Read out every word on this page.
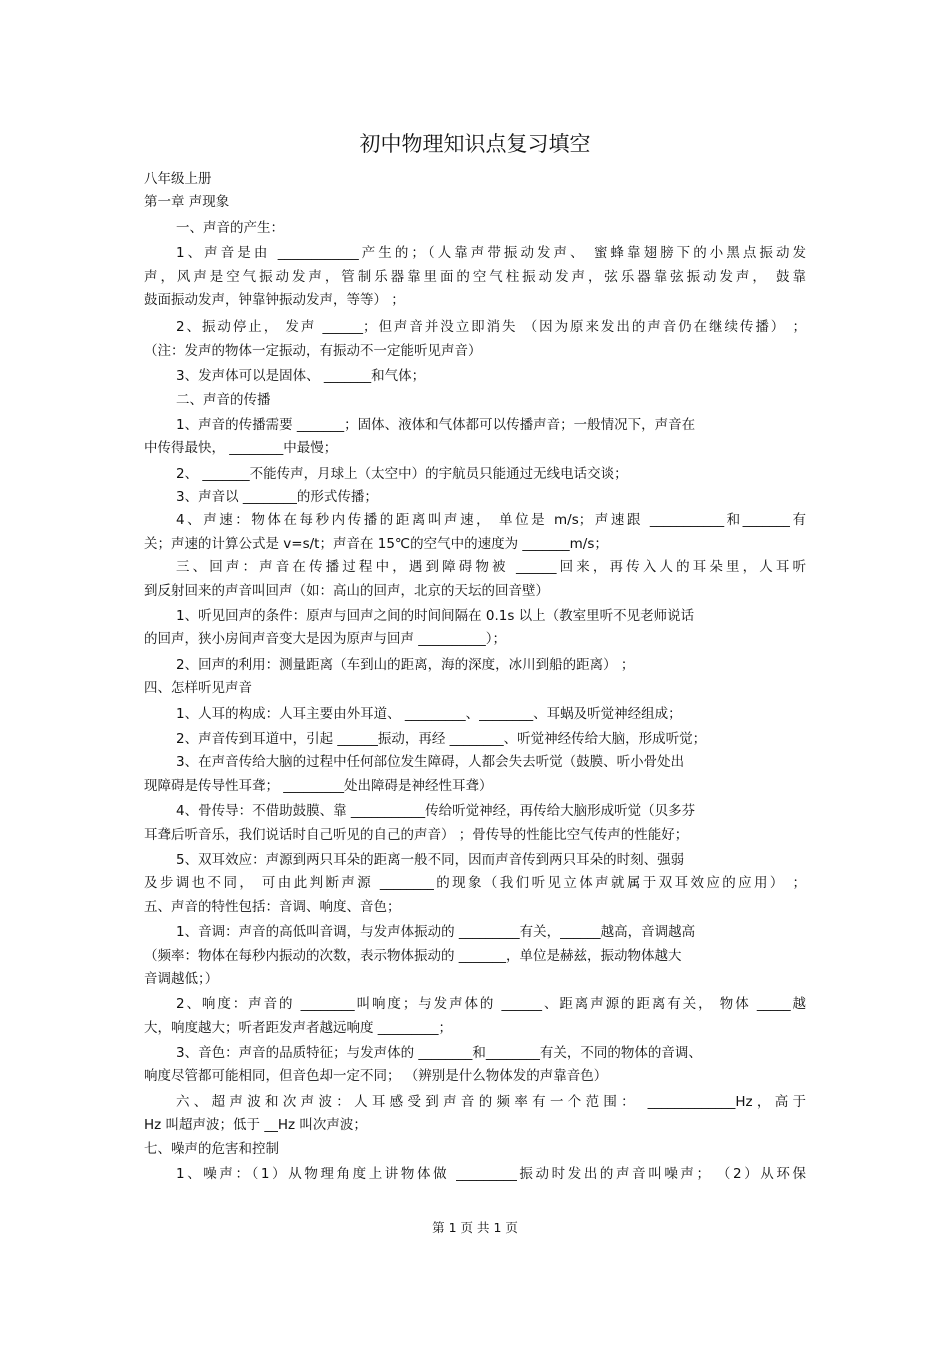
初中物理知识点复习填空
八年级上册
第一章 声现象
一、声音的产生：
1、声音是由 ____________产生的；（人靠声带振动发声、 蜜蜂靠翅膀下的小黑点振动发
声，风声是空气振动发声，管制乐器靠里面的空气柱振动发声，弦乐器靠弦振动发声， 鼓靠
鼓面振动发声，钟靠钟振动发声，等等） ；
2、振动停止， 发声 ______；但声音并没立即消失 （因为原来发出的声音仍在继续传播） ；
（注：发声的物体一定振动，有振动不一定能听见声音）
3、发声体可以是固体、 _______和气体；
二、声音的传播
1、声音的传播需要 _______；固体、液体和气体都可以传播声音；一般情况下，声音在
中传得最快， ________中最慢；
2、 _______不能传声，月球上（太空中）的宇航员只能通过无线电话交谈；
3、声音以 ________的形式传播；
4、声速：物体在每秒内传播的距离叫声速， 单位是 m/s；声速跟 ___________和_______有
关；声速的计算公式是 v=s/t；声音在 15℃的空气中的速度为 _______m/s；
三、回声：声音在传播过程中，遇到障碍物被 ______回来，再传入人的耳朵里，人耳听
到反射回来的声音叫回声（如：高山的回声，北京的天坛的回音壁）
1、听见回声的条件：原声与回声之间的时间间隔在 0.1s 以上（教室里听不见老师说话
的回声，狭小房间声音变大是因为原声与回声 __________）；
2、回声的利用：测量距离（车到山的距离，海的深度，冰川到船的距离） ；
四、怎样听见声音
1、人耳的构成：人耳主要由外耳道、 _________、________、耳蜗及听觉神经组成；
2、声音传到耳道中，引起 ______振动，再经 ________、听觉神经传给大脑，形成听觉；
3、在声音传给大脑的过程中任何部位发生障碍，人都会失去听觉（鼓膜、听小骨处出
现障碍是传导性耳聋； _________处出障碍是神经性耳聋）
4、骨传导：不借助鼓膜、靠 ___________传给听觉神经，再传给大脑形成听觉（贝多芬
耳聋后听音乐，我们说话时自己听见的自己的声音） ；骨传导的性能比空气传声的性能好；
5、双耳效应：声源到两只耳朵的距离一般不同，因而声音传到两只耳朵的时刻、强弱
及步调也不同， 可由此判断声源 ________的现象（我们听见立体声就属于双耳效应的应用） ；
五、声音的特性包括：音调、响度、音色；
1、音调：声音的高低叫音调，与发声体振动的 _________有关，______越高，音调越高
（频率：物体在每秒内振动的次数，表示物体振动的 _______，单位是赫兹，振动物体越大
音调越低；）
2、响度：声音的 ________叫响度；与发声体的 ______、距离声源的距离有关， 物体 _____越
大，响度越大；听者距发声者越远响度 _________；
3、音色：声音的品质特征；与发声体的 ________和________有关，不同的物体的音调、
响度尽管都可能相同，但音色却一定不同； （辨别是什么物体发的声靠音色）
六、超声波和次声波：人耳感受到声音的频率有一个范围： _____________Hz，高于
Hz 叫超声波；低于 __Hz 叫次声波；
七、噪声的危害和控制
1、噪声：（1）从物理角度上讲物体做 _________振动时发出的声音叫噪声； （2）从环保
第 1 页 共 1 页
